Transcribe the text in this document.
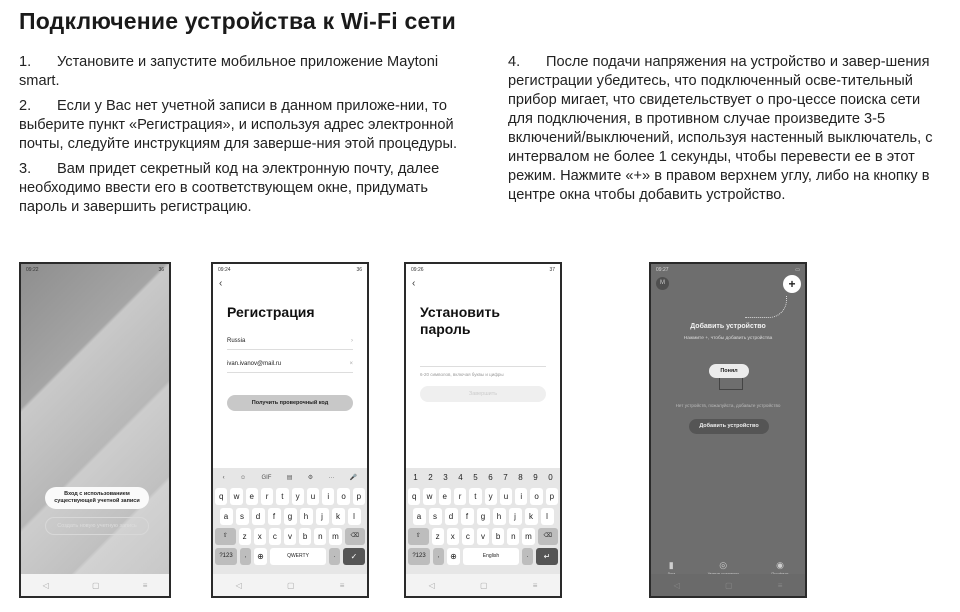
Подключение устройства к Wi-Fi сети

1. Установите и запустите мобильное приложение Maytoni smart.

2. Если у Вас нет учетной записи в данном приложе-нии, то выберите пункт «Регистрация», и используя адрес электронной почты, следуйте инструкциям для заверше-ния этой процедуры.

3. Вам придет секретный код на электронную почту, далее необходимо ввести его в соответствующем окне, придумать пароль и завершить регистрацию.

4. После подачи напряжения на устройство и завер-шения регистрации убедитесь, что подключенный осве-тительный прибор мигает, что свидетельствует о про-цессе поиска сети для подключения, в противном случае произведите 3-5 включений/выключений, используя настенный выключатель, с интервалом не более 1 секунды, чтобы перевести ее в этот режим. Нажмите «+» в правом верхнем углу, либо на кнопку в центре окна чтобы добавить устройство.

09:22	36
Вход с использованием существующей учетной записи
Создать новую учетную запись
◁	▢	≡
09:24	36
‹
Регистрация
Russia	›
ivan.ivanov@mail.ru	×
Получить проверочный код
‹	☺	GIF	▤	⚙	···	🎤
q	w	e	r	t	y	u	i	o	p
a	s	d	f	g	h	j	k	l
⇧	z	x	c	v	b	n	m	⌫
?123	,	⊕	QWERTY	.	✓
◁	▢	≡
09:26	37
‹
Установить
пароль
6-20 символов, включая буквы и цифры
Завершить
1 2 3 4 5 6 7 8 9 0
q	w	e	r	t	y	u	i	o	p
a	s	d	f	g	h	j	k	l
⇧	z	x	c	v	b	n	m	⌫
?123	,	⊕	English	.	↵
◁	▢	≡
09:27	▭
M	+
Добавить устройство
Нажмите +, чтобы добавить устройства
Понял
Нет устройств, пожалуйста, добавьте устройство
Добавить устройство
▮	◎	◉
◁	▢	≡
